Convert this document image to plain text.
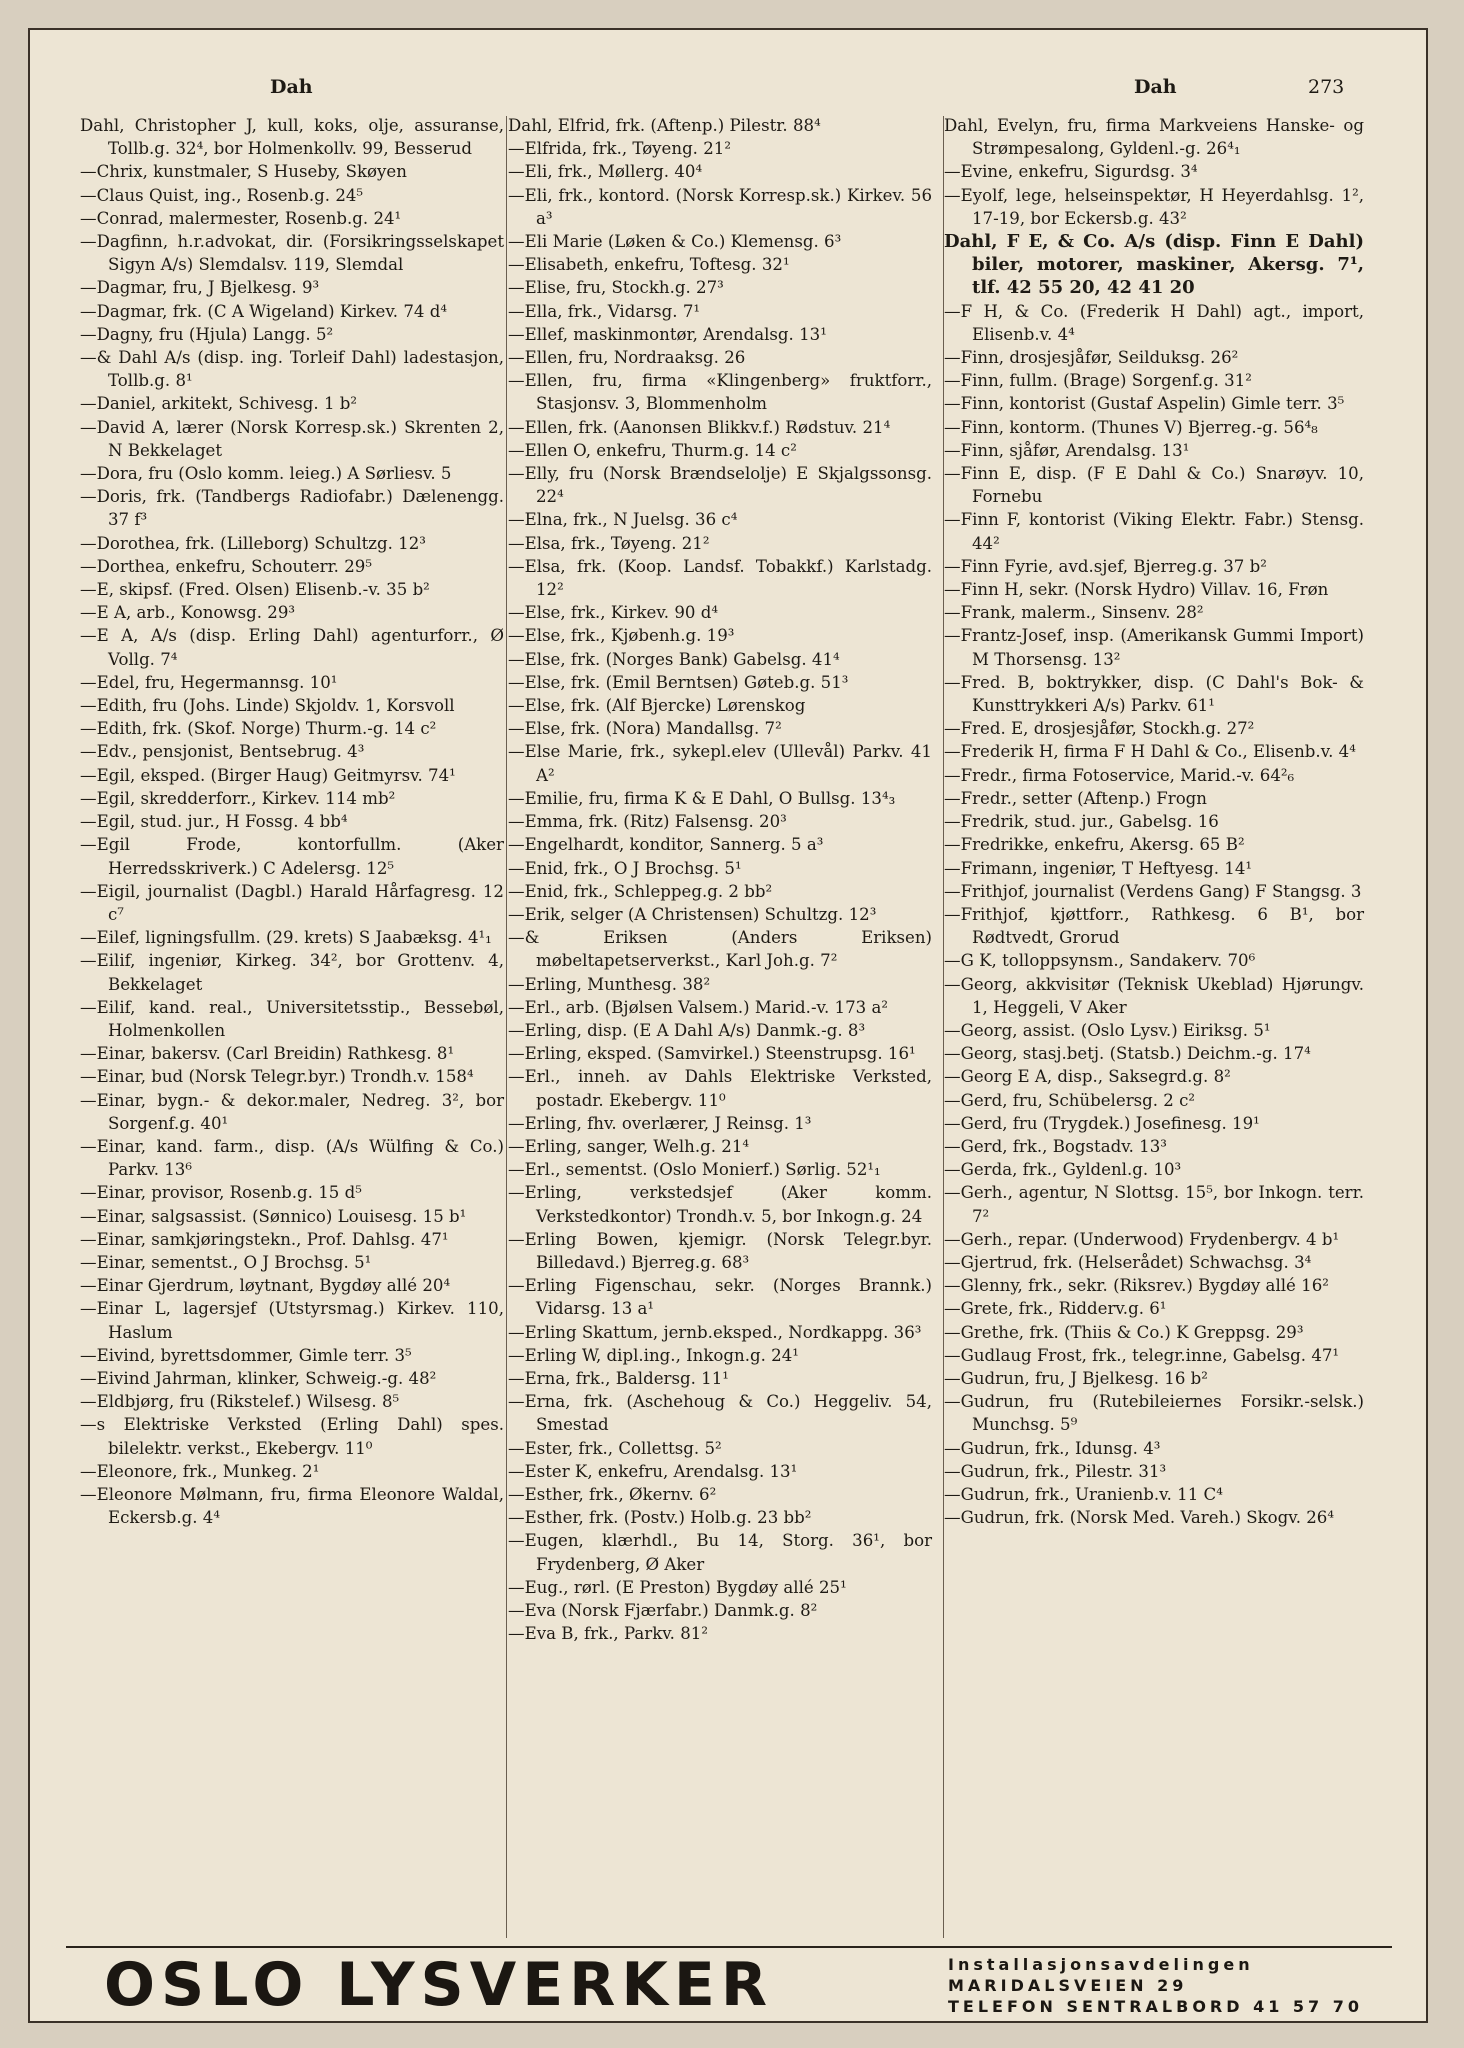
Dah	Dah	273
Dahl, Christopher J, kull, koks, olje, assuranse, Tollb.g. 32⁴, bor Holmenkollv. 99, Besserud
—Chrix, kunstmaler, S Huseby, Skøyen
—Claus Quist, ing., Rosenb.g. 24⁵
—Conrad, malermester, Rosenb.g. 24¹
—Dagfinn, h.r.advokat, dir. (Forsikringsselskapet Sigyn A/s) Slemdalsv. 119, Slemdal
—Dagmar, fru, J Bjelkesg. 9³
—Dagmar, frk. (C A Wigeland) Kirkev. 74 d⁴
—Dagny, fru (Hjula) Langg. 5²
—& Dahl A/s (disp. ing. Torleif Dahl) ladestasjon, Tollb.g. 8¹
—Daniel, arkitekt, Schivesg. 1 b²
—David A, lærer (Norsk Korresp.sk.) Skrenten 2, N Bekkelaget
—Dora, fru (Oslo komm. leieg.) A Sørliesv. 5
—Doris, frk. (Tandbergs Radiofabr.) Dælenengg. 37 f³
—Dorothea, frk. (Lilleborg) Schultzg. 12³
—Dorthea, enkefru, Schouterr. 29⁵
—E, skipsf. (Fred. Olsen) Elisenb.-v. 35 b²
—E A, arb., Konowsg. 29³
—E A, A/s (disp. Erling Dahl) agenturforr., Ø Vollg. 7⁴
—Edel, fru, Hegermannsg. 10¹
—Edith, fru (Johs. Linde) Skjoldv. 1, Korsvoll
—Edith, frk. (Skof. Norge) Thurm.-g. 14 c²
—Edv., pensjonist, Bentsebrug. 4³
—Egil, eksped. (Birger Haug) Geitmyrsv. 74¹
—Egil, skredderforr., Kirkev. 114 mb²
—Egil, stud. jur., H Fossg. 4 bb⁴
—Egil Frode, kontorfullm. (Aker Herredsskriverk.) C Adelersg. 12⁵
—Eigil, journalist (Dagbl.) Harald Hårfagresg. 12 c⁷
—Eilef, ligningsfullm. (29. krets) S Jaabæksg. 4¹₁
—Eilif, ingeniør, Kirkeg. 34², bor Grottenv. 4, Bekkelaget
—Eilif, kand. real., Universitetsstip., Bessebøl, Holmenkollen
—Einar, bakersv. (Carl Breidin) Rathkesg. 8¹
—Einar, bud (Norsk Telegr.byr.) Trondh.v. 158⁴
—Einar, bygn.- & dekor.maler, Nedreg. 3², bor Sorgenf.g. 40¹
—Einar, kand. farm., disp. (A/s Wülfing & Co.) Parkv. 13⁶
—Einar, provisor, Rosenb.g. 15 d⁵
—Einar, salgsassist. (Sønnico) Louisesg. 15 b¹
—Einar, samkjøringstekn., Prof. Dahlsg. 47¹
—Einar, sementst., O J Brochsg. 5¹
—Einar Gjerdrum, løytnant, Bygdøy allé 20⁴
—Einar L, lagersjef (Utstyrsmag.) Kirkev. 110, Haslum
—Eivind, byrettsdommer, Gimle terr. 3⁵
—Eivind Jahrman, klinker, Schweig.-g. 48²
—Eldbjørg, fru (Rikstelef.) Wilsesg. 8⁵
—s Elektriske Verksted (Erling Dahl) spes. bilelektr. verkst., Ekebergv. 11⁰
—Eleonore, frk., Munkeg. 2¹
—Eleonore Mølmann, fru, firma Eleonore Waldal, Eckersb.g. 4⁴
Dahl, Elfrid, frk. (Aftenp.) Pilestr. 88⁴
—Elfrida, frk., Tøyeng. 21²
—Eli, frk., Møllerg. 40⁴
—Eli, frk., kontord. (Norsk Korresp.sk.) Kirkev. 56 a³
—Eli Marie (Løken & Co.) Klemensg. 6³
—Elisabeth, enkefru, Toftesg. 32¹
—Elise, fru, Stockh.g. 27³
—Ella, frk., Vidarsg. 7¹
—Ellef, maskinmontør, Arendalsg. 13¹
—Ellen, fru, Nordraaksg. 26
—Ellen, fru, firma «Klingenberg» fruktforr., Stasjonsv. 3, Blommenholm
—Ellen, frk. (Aanonsen Blikkv.f.) Rødstuv. 21⁴
—Ellen O, enkefru, Thurm.g. 14 c²
—Elly, fru (Norsk Brændselolje) E Skjalgssonsg. 22⁴
—Elna, frk., N Juelsg. 36 c⁴
—Elsa, frk., Tøyeng. 21²
—Elsa, frk. (Koop. Landsf. Tobakkf.) Karlstadg. 12²
—Else, frk., Kirkev. 90 d⁴
—Else, frk., Kjøbenh.g. 19³
—Else, frk. (Norges Bank) Gabelsg. 41⁴
—Else, frk. (Emil Berntsen) Gøteb.g. 51³
—Else, frk. (Alf Bjercke) Lørenskog
—Else, frk. (Nora) Mandallsg. 7²
—Else Marie, frk., sykepl.elev (Ullevål) Parkv. 41 A²
—Emilie, fru, firma K & E Dahl, O Bullsg. 13⁴₃
—Emma, frk. (Ritz) Falsensg. 20³
—Engelhardt, konditor, Sannerg. 5 a³
—Enid, frk., O J Brochsg. 5¹
—Enid, frk., Schleppeg.g. 2 bb²
—Erik, selger (A Christensen) Schultzg. 12³
—& Eriksen (Anders Eriksen) møbeltapetserverkst., Karl Joh.g. 7²
—Erling, Munthesg. 38²
—Erl., arb. (Bjølsen Valsem.) Marid.-v. 173 a²
—Erling, disp. (E A Dahl A/s) Danmk.-g. 8³
—Erling, eksped. (Samvirkel.) Steenstrupsg. 16¹
—Erl., inneh. av Dahls Elektriske Verksted, postadr. Ekebergv. 11⁰
—Erling, fhv. overlærer, J Reinsg. 1³
—Erling, sanger, Welh.g. 21⁴
—Erl., sementst. (Oslo Monierf.) Sørlig. 52¹₁
—Erling, verkstedsjef (Aker komm. Verkstedkontor) Trondh.v. 5, bor Inkogn.g. 24
—Erling Bowen, kjemigr. (Norsk Telegr.byr. Billedavd.) Bjerreg.g. 68³
—Erling Figenschau, sekr. (Norges Brannk.) Vidarsg. 13 a¹
—Erling Skattum, jernb.eksped., Nordkappg. 36³
—Erling W, dipl.ing., Inkogn.g. 24¹
—Erna, frk., Baldersg. 11¹
—Erna, frk. (Aschehoug & Co.) Heggeliv. 54, Smestad
—Ester, frk., Collettsg. 5²
—Ester K, enkefru, Arendalsg. 13¹
—Esther, frk., Økernv. 6²
—Esther, frk. (Postv.) Holb.g. 23 bb²
—Eugen, klærhdl., Bu 14, Storg. 36¹, bor Frydenberg, Ø Aker
—Eug., rørl. (E Preston) Bygdøy allé 25¹
—Eva (Norsk Fjærfabr.) Danmk.g. 8²
—Eva B, frk., Parkv. 81²
Dahl, Evelyn, fru, firma Markveiens Hanske- og Strømpesalong, Gyldenl.-g. 26⁴₁
—Evine, enkefru, Sigurdsg. 3⁴
—Eyolf, lege, helseinspektør, H Heyerdahlsg. 1², 17-19, bor Eckersb.g. 43²
Dahl, F E, & Co. A/s (disp. Finn E Dahl) biler, motorer, maskiner, Akersg. 7¹, tlf. 42 55 20, 42 41 20
—F H, & Co. (Frederik H Dahl) agt., import, Elisenb.v. 4⁴
—Finn, drosjesjåfør, Seilduksg. 26²
—Finn, fullm. (Brage) Sorgenf.g. 31²
—Finn, kontorist (Gustaf Aspelin) Gimle terr. 3⁵
—Finn, kontorm. (Thunes V) Bjerreg.-g. 56⁴₈
—Finn, sjåfør, Arendalsg. 13¹
—Finn E, disp. (F E Dahl & Co.) Snarøyv. 10, Fornebu
—Finn F, kontorist (Viking Elektr. Fabr.) Stensg. 44²
—Finn Fyrie, avd.sjef, Bjerreg.g. 37 b²
—Finn H, sekr. (Norsk Hydro) Villav. 16, Frøn
—Frank, malerm., Sinsenv. 28²
—Frantz-Josef, insp. (Amerikansk Gummi Import) M Thorsensg. 13²
—Fred. B, boktrykker, disp. (C Dahl's Bok- & Kunsttrykkeri A/s) Parkv. 61¹
—Fred. E, drosjesjåfør, Stockh.g. 27²
—Frederik H, firma F H Dahl & Co., Elisenb.v. 4⁴
—Fredr., firma Fotoservice, Marid.-v. 64²₆
—Fredr., setter (Aftenp.) Frogn
—Fredrik, stud. jur., Gabelsg. 16
—Fredrikke, enkefru, Akersg. 65 B²
—Frimann, ingeniør, T Heftyesg. 14¹
—Frithjof, journalist (Verdens Gang) F Stangsg. 3
—Frithjof, kjøttforr., Rathkesg. 6 B¹, bor Rødtvedt, Grorud
—G K, tolloppsynsm., Sandakerv. 70⁶
—Georg, akkvisitør (Teknisk Ukeblad) Hjørungv. 1, Heggeli, V Aker
—Georg, assist. (Oslo Lysv.) Eiriksg. 5¹
—Georg, stasj.betj. (Statsb.) Deichm.-g. 17⁴
—Georg E A, disp., Saksegrd.g. 8²
—Gerd, fru, Schübelersg. 2 c²
—Gerd, fru (Trygdek.) Josefinesg. 19¹
—Gerd, frk., Bogstadv. 13³
—Gerda, frk., Gyldenl.g. 10³
—Gerh., agentur, N Slottsg. 15⁵, bor Inkogn. terr. 7²
—Gerh., repar. (Underwood) Frydenbergv. 4 b¹
—Gjertrud, frk. (Helserådet) Schwachsg. 3⁴
—Glenny, frk., sekr. (Riksrev.) Bygdøy allé 16²
—Grete, frk., Ridderv.g. 6¹
—Grethe, frk. (Thiis & Co.) K Greppsg. 29³
—Gudlaug Frost, frk., telegr.inne, Gabelsg. 47¹
—Gudrun, fru, J Bjelkesg. 16 b²
—Gudrun, fru (Rutebileiernes Forsikr.-selsk.) Munchsg. 5⁹
—Gudrun, frk., Idunsg. 4³
—Gudrun, frk., Pilestr. 31³
—Gudrun, frk., Uranienb.v. 11 C⁴
—Gudrun, frk. (Norsk Med. Vareh.) Skogv. 26⁴
OSLO LYSVERKER	Installasjonsavdelingen
MARIDALSVEIEN 29
TELEFON SENTRALBORD 41 57 70
